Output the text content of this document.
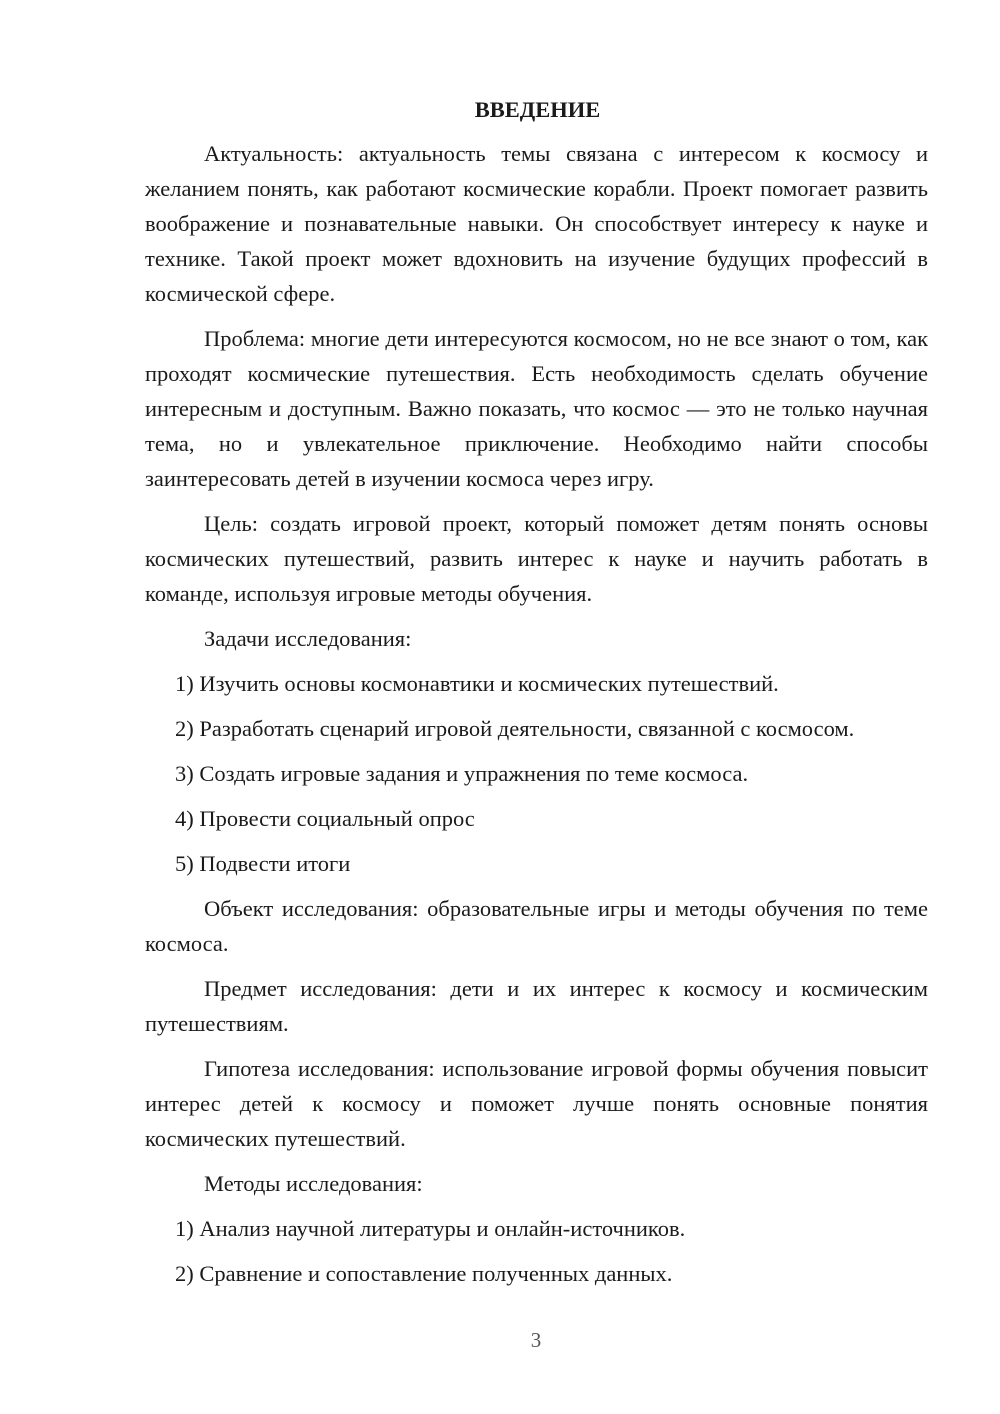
ВВЕДЕНИЕ

Актуальность: актуальность темы связана с интересом к космосу и желанием понять, как работают космические корабли. Проект помогает развить воображение и познавательные навыки. Он способствует интересу к науке и технике. Такой проект может вдохновить на изучение будущих профессий в космической сфере.

Проблема: многие дети интересуются космосом, но не все знают о том, как проходят космические путешествия. Есть необходимость сделать обучение интересным и доступным. Важно показать, что космос — это не только научная тема, но и увлекательное приключение. Необходимо найти способы заинтересовать детей в изучении космоса через игру.

Цель: создать игровой проект, который поможет детям понять основы космических путешествий, развить интерес к науке и научить работать в команде, используя игровые методы обучения.

Задачи исследования:

1) Изучить основы космонавтики и космических путешествий.

2) Разработать сценарий игровой деятельности, связанной с космосом.

3) Создать игровые задания и упражнения по теме космоса.

4) Провести социальный опрос

5) Подвести итоги

Объект исследования: образовательные игры и методы обучения по теме космоса.

Предмет исследования: дети и их интерес к космосу и космическим путешествиям.

Гипотеза исследования: использование игровой формы обучения повысит интерес детей к космосу и поможет лучше понять основные понятия космических путешествий.

Методы исследования:

1) Анализ научной литературы и онлайн-источников.

2) Сравнение и сопоставление полученных данных.

3
